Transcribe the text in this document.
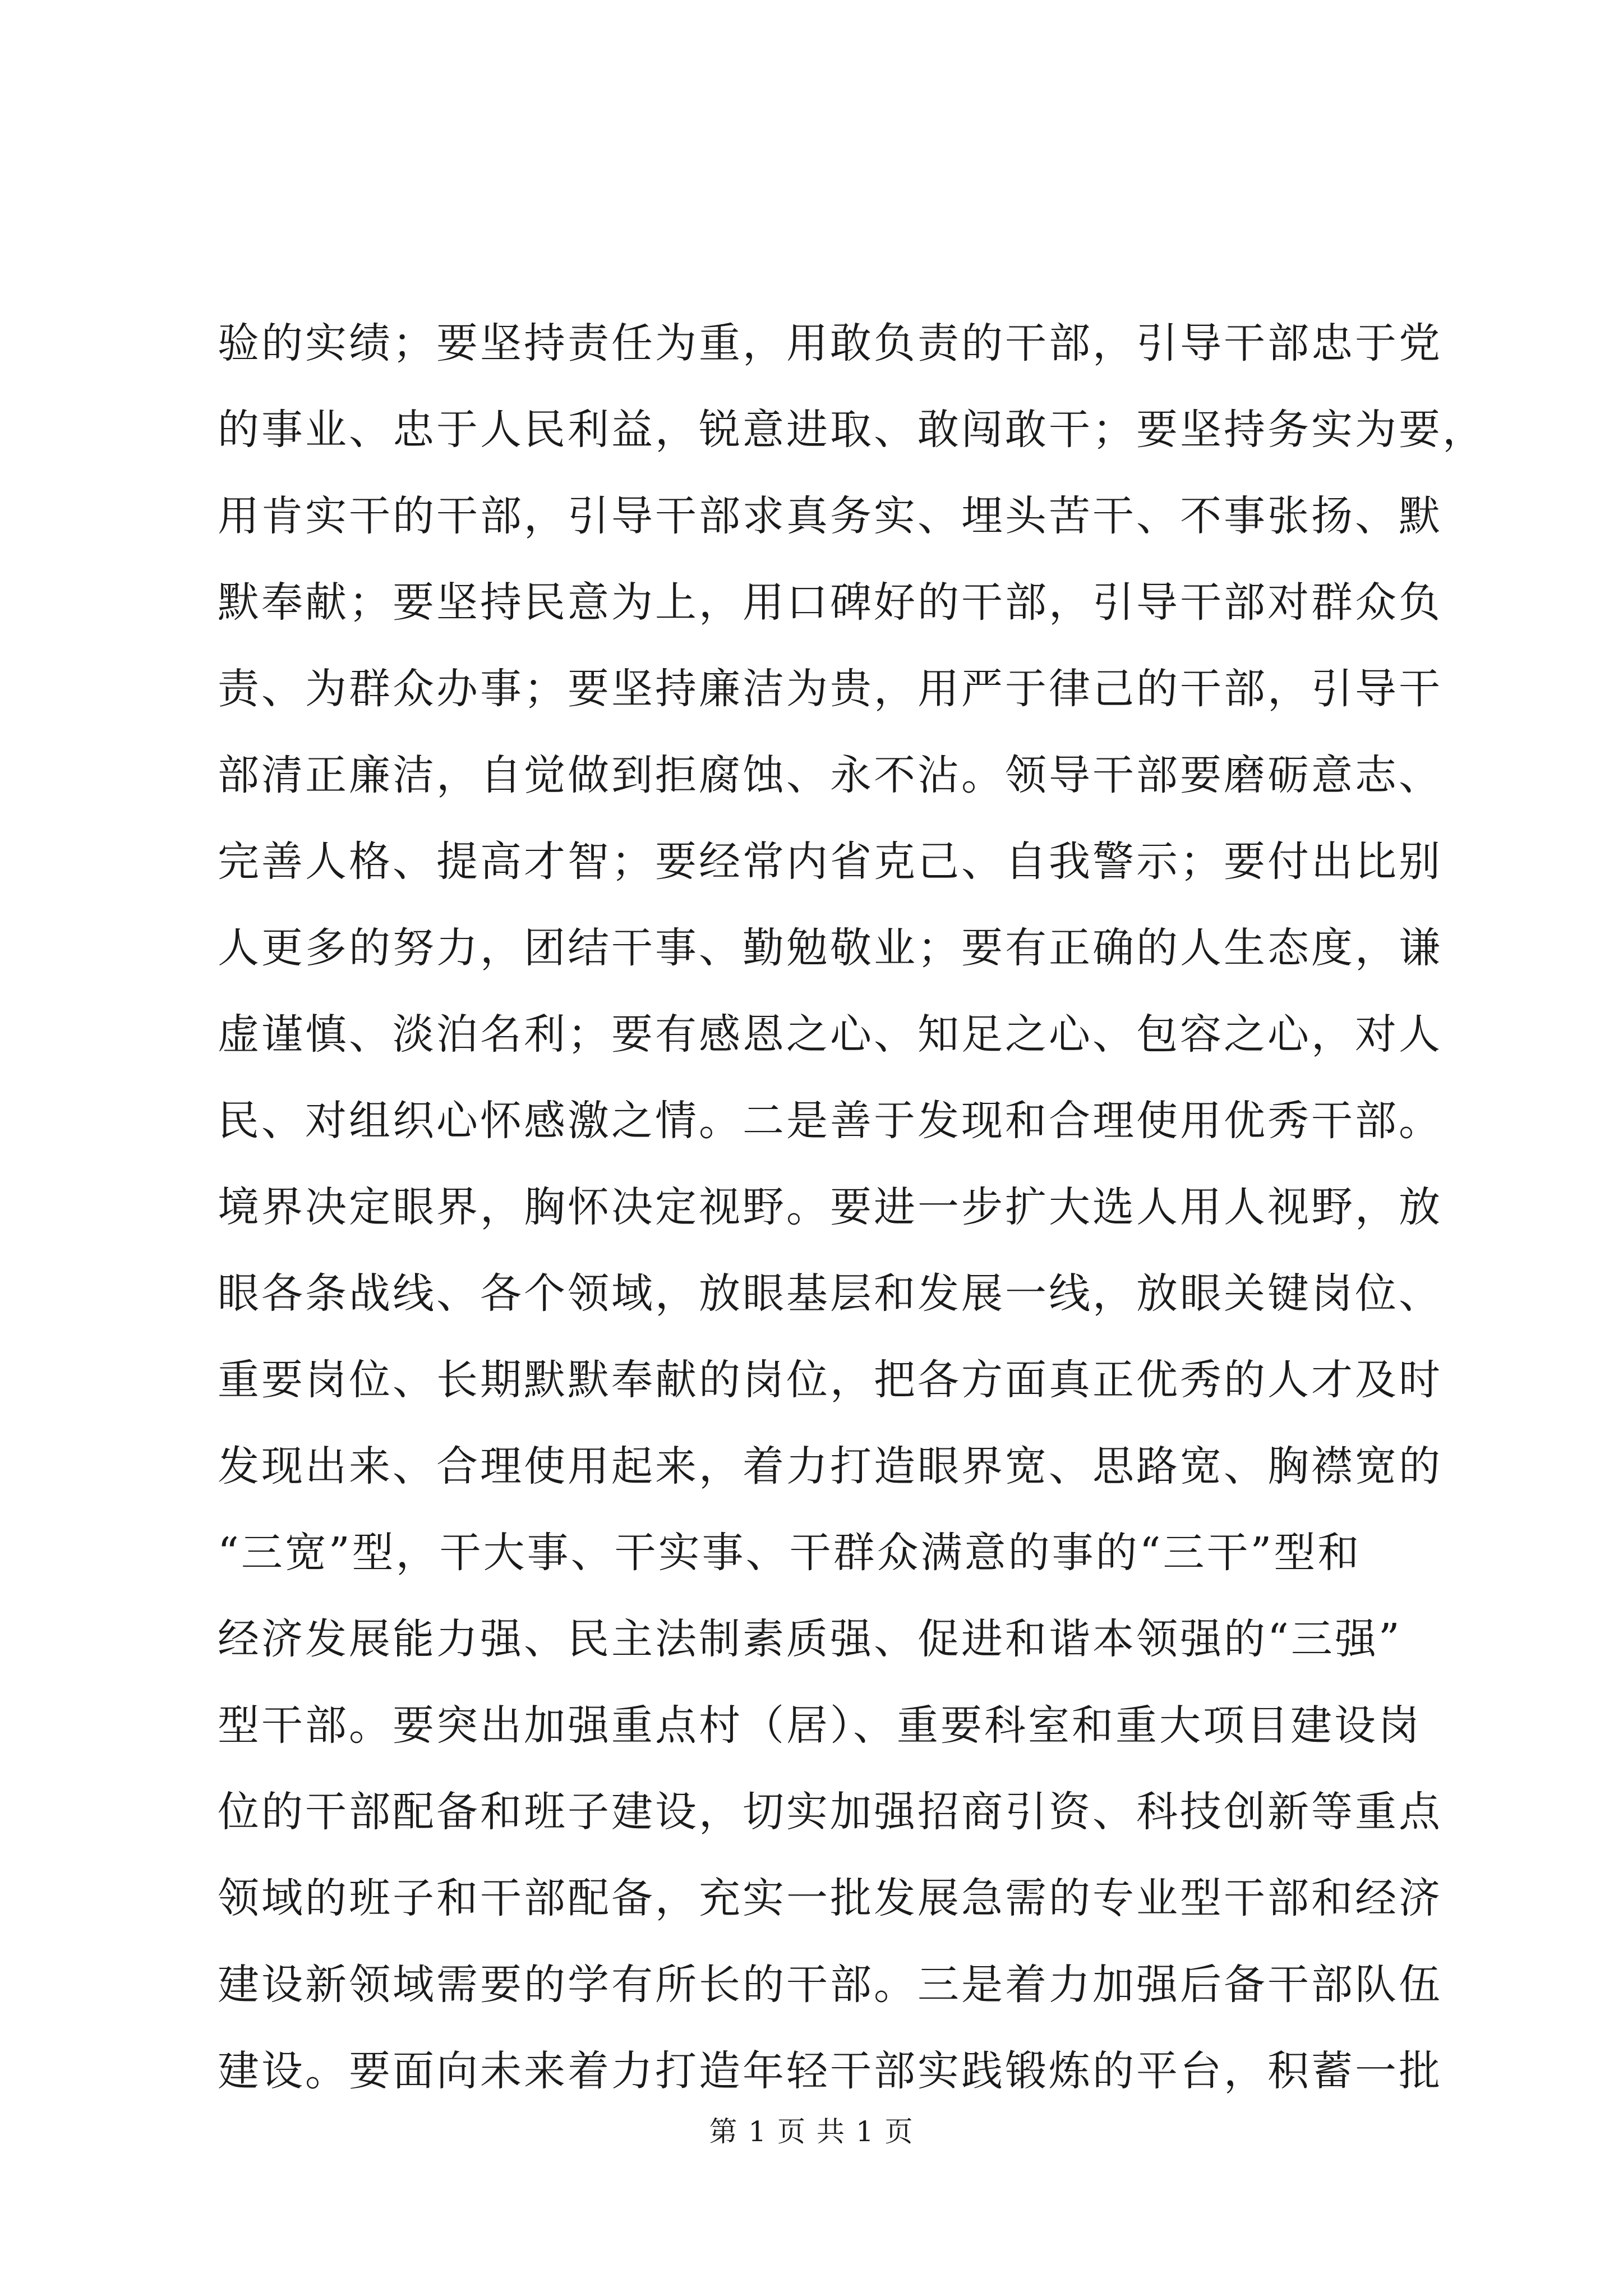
验的实绩；要坚持责任为重，用敢负责的干部，引导干部忠于党
的事业、忠于人民利益，锐意进取、敢闯敢干；要坚持务实为要，
用肯实干的干部，引导干部求真务实、埋头苦干、不事张扬、默
默奉献；要坚持民意为上，用口碑好的干部，引导干部对群众负
责、为群众办事；要坚持廉洁为贵，用严于律己的干部，引导干
部清正廉洁，自觉做到拒腐蚀、永不沾。领导干部要磨砺意志、
完善人格、提高才智；要经常内省克己、自我警示；要付出比别
人更多的努力，团结干事、勤勉敬业；要有正确的人生态度，谦
虚谨慎、淡泊名利；要有感恩之心、知足之心、包容之心，对人
民、对组织心怀感激之情。二是善于发现和合理使用优秀干部。
境界决定眼界，胸怀决定视野。要进一步扩大选人用人视野，放
眼各条战线、各个领域，放眼基层和发展一线，放眼关键岗位、
重要岗位、长期默默奉献的岗位，把各方面真正优秀的人才及时
发现出来、合理使用起来，着力打造眼界宽、思路宽、胸襟宽的
“三宽”型，干大事、干实事、干群众满意的事的“三干”型和
经济发展能力强、民主法制素质强、促进和谐本领强的“三强”
型干部。要突出加强重点村（居）、重要科室和重大项目建设岗
位的干部配备和班子建设，切实加强招商引资、科技创新等重点
领域的班子和干部配备，充实一批发展急需的专业型干部和经济
建设新领域需要的学有所长的干部。三是着力加强后备干部队伍
建设。要面向未来着力打造年轻干部实践锻炼的平台，积蓄一批
第 1 页 共 1 页
